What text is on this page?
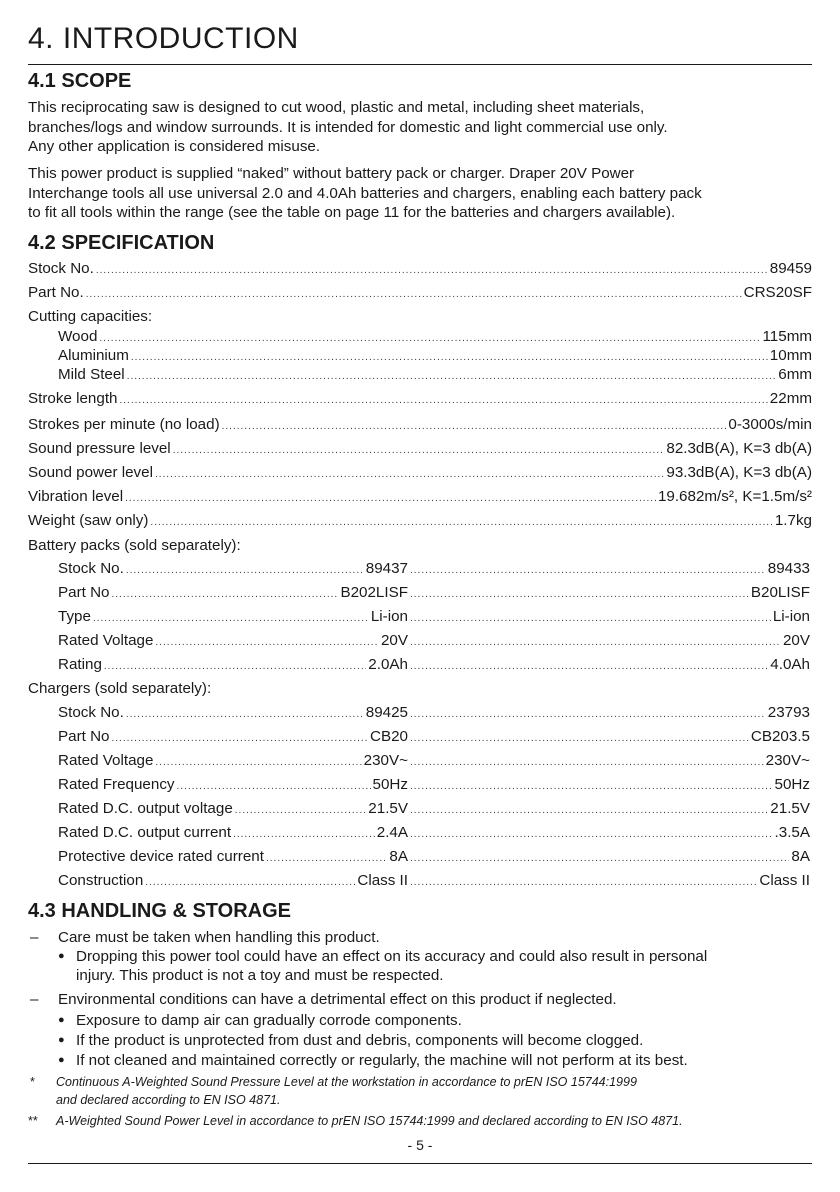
4. INTRODUCTION
4.1 SCOPE
This reciprocating saw is designed to cut wood, plastic and metal, including sheet materials,
branches/logs and window surrounds. It is intended for domestic and light commercial use only.
Any other application is considered misuse.
This power product is supplied “naked” without battery pack or charger. Draper 20V Power
Interchange tools all use universal 2.0 and 4.0Ah batteries and chargers, enabling each battery pack
to fit all tools within the range (see the table on page 11 for the batteries and chargers available).
4.2 SPECIFICATION
Stock No. .....	89459
Part No. .....	CRS20SF
Cutting capacities:
Wood .....	115mm
Aluminium .....	10mm
Mild Steel .....	6mm
Stroke length .....	22mm
Strokes per minute (no load) .....	0-3000s/min
Sound pressure level .....	82.3dB(A), K=3 db(A)
Sound power level .....	93.3dB(A), K=3 db(A)
Vibration level .....	19.682m/s², K=1.5m/s²
Weight (saw only) .....	1.7kg
Battery packs (sold separately):
Stock No. .....	89437 .....	89433
Part No .....	B202LISF .....	B20LISF
Type .....	Li-ion .....	Li-ion
Rated Voltage .....	20V .....	20V
Rating .....	2.0Ah .....	4.0Ah
Chargers (sold separately):
Stock No. .....	89425 .....	23793
Part No .....	CB20 .....	CB203.5
Rated Voltage .....	230V~ .....	230V~
Rated Frequency .....	50Hz .....	50Hz
Rated D.C. output voltage .....	21.5V .....	21.5V
Rated D.C. output current .....	2.4A .....	.3.5A
Protective device rated current .....	8A .....	8A
Construction .....	Class II .....	Class II
4.3 HANDLING & STORAGE
– Care must be taken when handling this product.
● Dropping this power tool could have an effect on its accuracy and could also result in personal
injury. This product is not a toy and must be respected.
– Environmental conditions can have a detrimental effect on this product if neglected.
● Exposure to damp air can gradually corrode components.
● If the product is unprotected from dust and debris, components will become clogged.
● If not cleaned and maintained correctly or regularly, the machine will not perform at its best.
* Continuous A-Weighted Sound Pressure Level at the workstation in accordance to prEN ISO 15744:1999
and declared according to EN ISO 4871.
** A-Weighted Sound Power Level in accordance to prEN ISO 15744:1999 and declared according to EN ISO 4871.
- 5 -
